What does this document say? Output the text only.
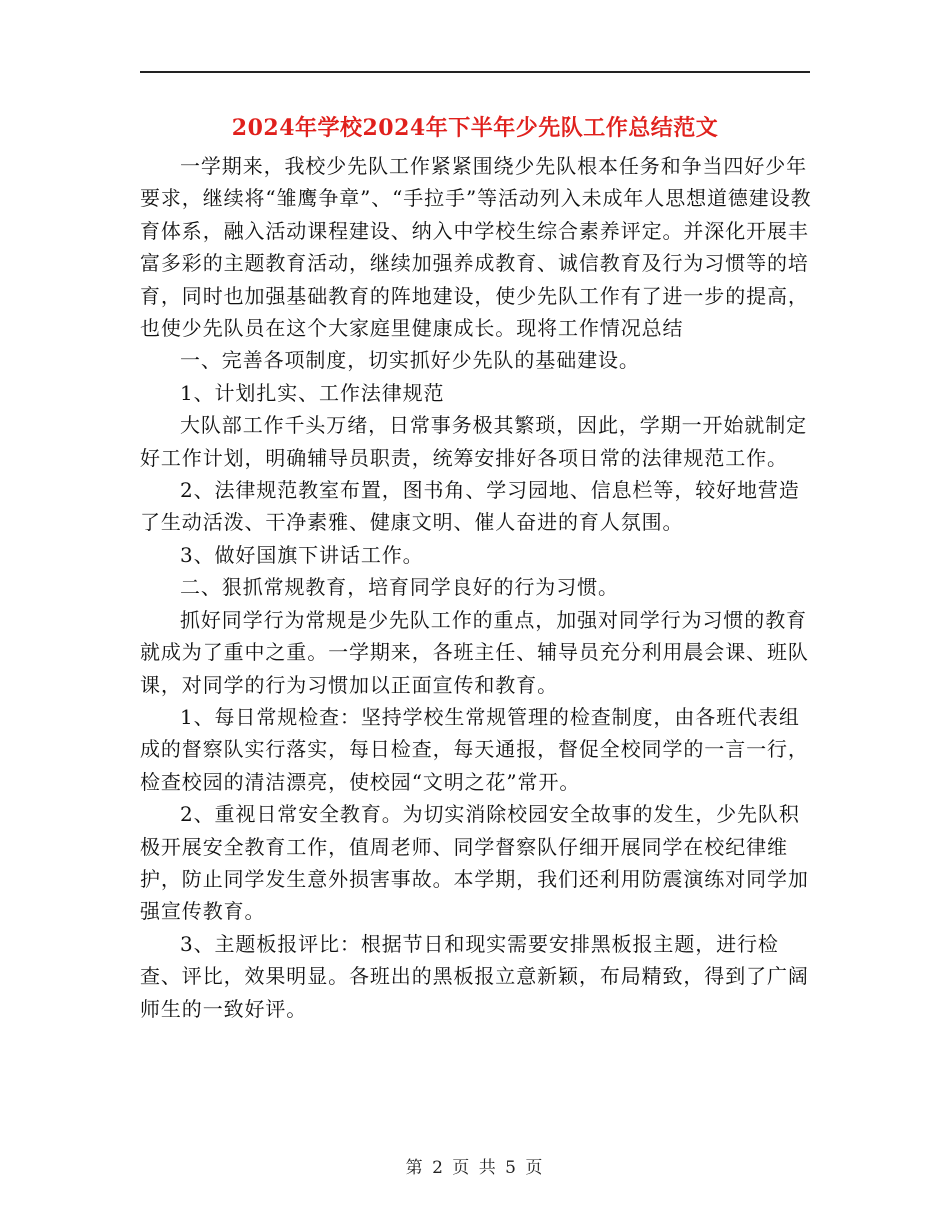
2024年学校2024年下半年少先队工作总结范文

一学期来，我校少先队工作紧紧围绕少先队根本任务和争当四好少年要求，继续将“雏鹰争章”、“手拉手”等活动列入未成年人思想道德建设教育体系，融入活动课程建设、纳入中学校生综合素养评定。并深化开展丰富多彩的主题教育活动，继续加强养成教育、诚信教育及行为习惯等的培育，同时也加强基础教育的阵地建设，使少先队工作有了进一步的提高，也使少先队员在这个大家庭里健康成长。现将工作情况总结

一、完善各项制度，切实抓好少先队的基础建设。

1、计划扎实、工作法律规范

大队部工作千头万绪，日常事务极其繁琐，因此，学期一开始就制定好工作计划，明确辅导员职责，统筹安排好各项日常的法律规范工作。

2、法律规范教室布置，图书角、学习园地、信息栏等，较好地营造了生动活泼、干净素雅、健康文明、催人奋进的育人氛围。

3、做好国旗下讲话工作。

二、狠抓常规教育，培育同学良好的行为习惯。

抓好同学行为常规是少先队工作的重点，加强对同学行为习惯的教育就成为了重中之重。一学期来，各班主任、辅导员充分利用晨会课、班队课，对同学的行为习惯加以正面宣传和教育。

1、每日常规检查：坚持学校生常规管理的检查制度，由各班代表组成的督察队实行落实，每日检查，每天通报，督促全校同学的一言一行，检查校园的清洁漂亮，使校园“文明之花”常开。

2、重视日常安全教育。为切实消除校园安全故事的发生，少先队积极开展安全教育工作，值周老师、同学督察队仔细开展同学在校纪律维护，防止同学发生意外损害事故。本学期，我们还利用防震演练对同学加强宣传教育。

3、主题板报评比：根据节日和现实需要安排黑板报主题，进行检查、评比，效果明显。各班出的黑板报立意新颖，布局精致，得到了广阔师生的一致好评。

第 2 页 共 5 页
